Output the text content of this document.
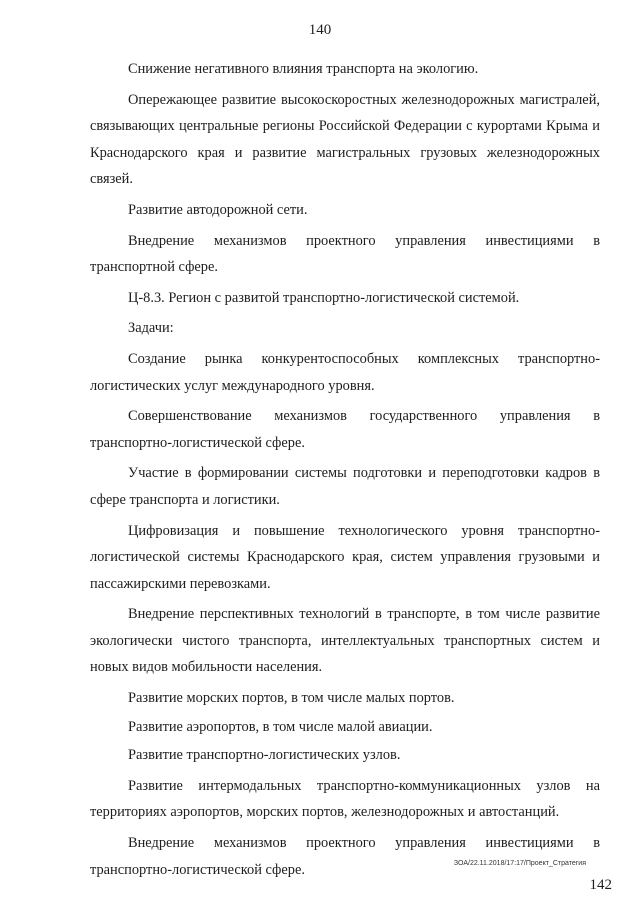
140

Снижение негативного влияния транспорта на экологию.

Опережающее развитие высокоскоростных железнодорожных магистралей, связывающих центральные регионы Российской Федерации с курортами Крыма и Краснодарского края и развитие магистральных грузовых железнодорожных связей.

Развитие автодорожной сети.

Внедрение механизмов проектного управления инвестициями в транспортной сфере.

Ц-8.3. Регион с развитой транспортно-логистической системой.

Задачи:

Создание рынка конкурентоспособных комплексных транспортно-логистических услуг международного уровня.

Совершенствование механизмов государственного управления в транспортно-логистической сфере.

Участие в формировании системы подготовки и переподготовки кадров в сфере транспорта и логистики.

Цифровизация и повышение технологического уровня транспортно-логистической системы Краснодарского края, систем управления грузовыми и пассажирскими перевозками.

Внедрение перспективных технологий в транспорте, в том числе развитие экологически чистого транспорта, интеллектуальных транспортных систем и новых видов мобильности населения.

Развитие морских портов, в том числе малых портов.

Развитие аэропортов, в том числе малой авиации.

Развитие транспортно-логистических узлов.

Развитие интермодальных транспортно-коммуникационных узлов на территориях аэропортов, морских портов, железнодорожных и автостанций.

Внедрение механизмов проектного управления инвестициями в транспортно-логистической сфере.	ЗОА/22.11.2018/17:17/Проект_Стратегия
142
